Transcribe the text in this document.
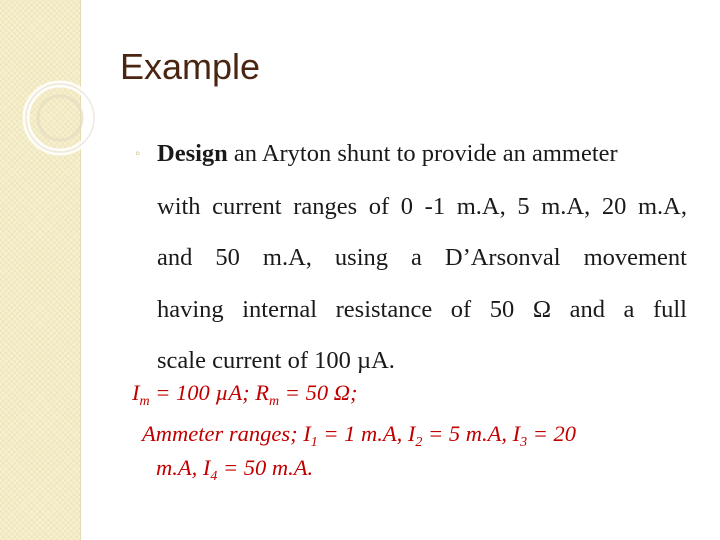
Example
◦ Design an Aryton shunt to provide an ammeter
with current ranges of 0 -1 m.A, 5 m.A, 20 m.A,
and 50 m.A, using a D’Arsonval movement
having internal resistance of 50 Ω and a full
scale current of 100 µA.

$I_m = 100$ µA; $R_m = 50$ Ω;

Ammeter ranges; $I_1 = 1$ m.A, $I_2 = 5$ m.A, $I_3 = 20$

m.A, $I_4 = 50$ m.A.
